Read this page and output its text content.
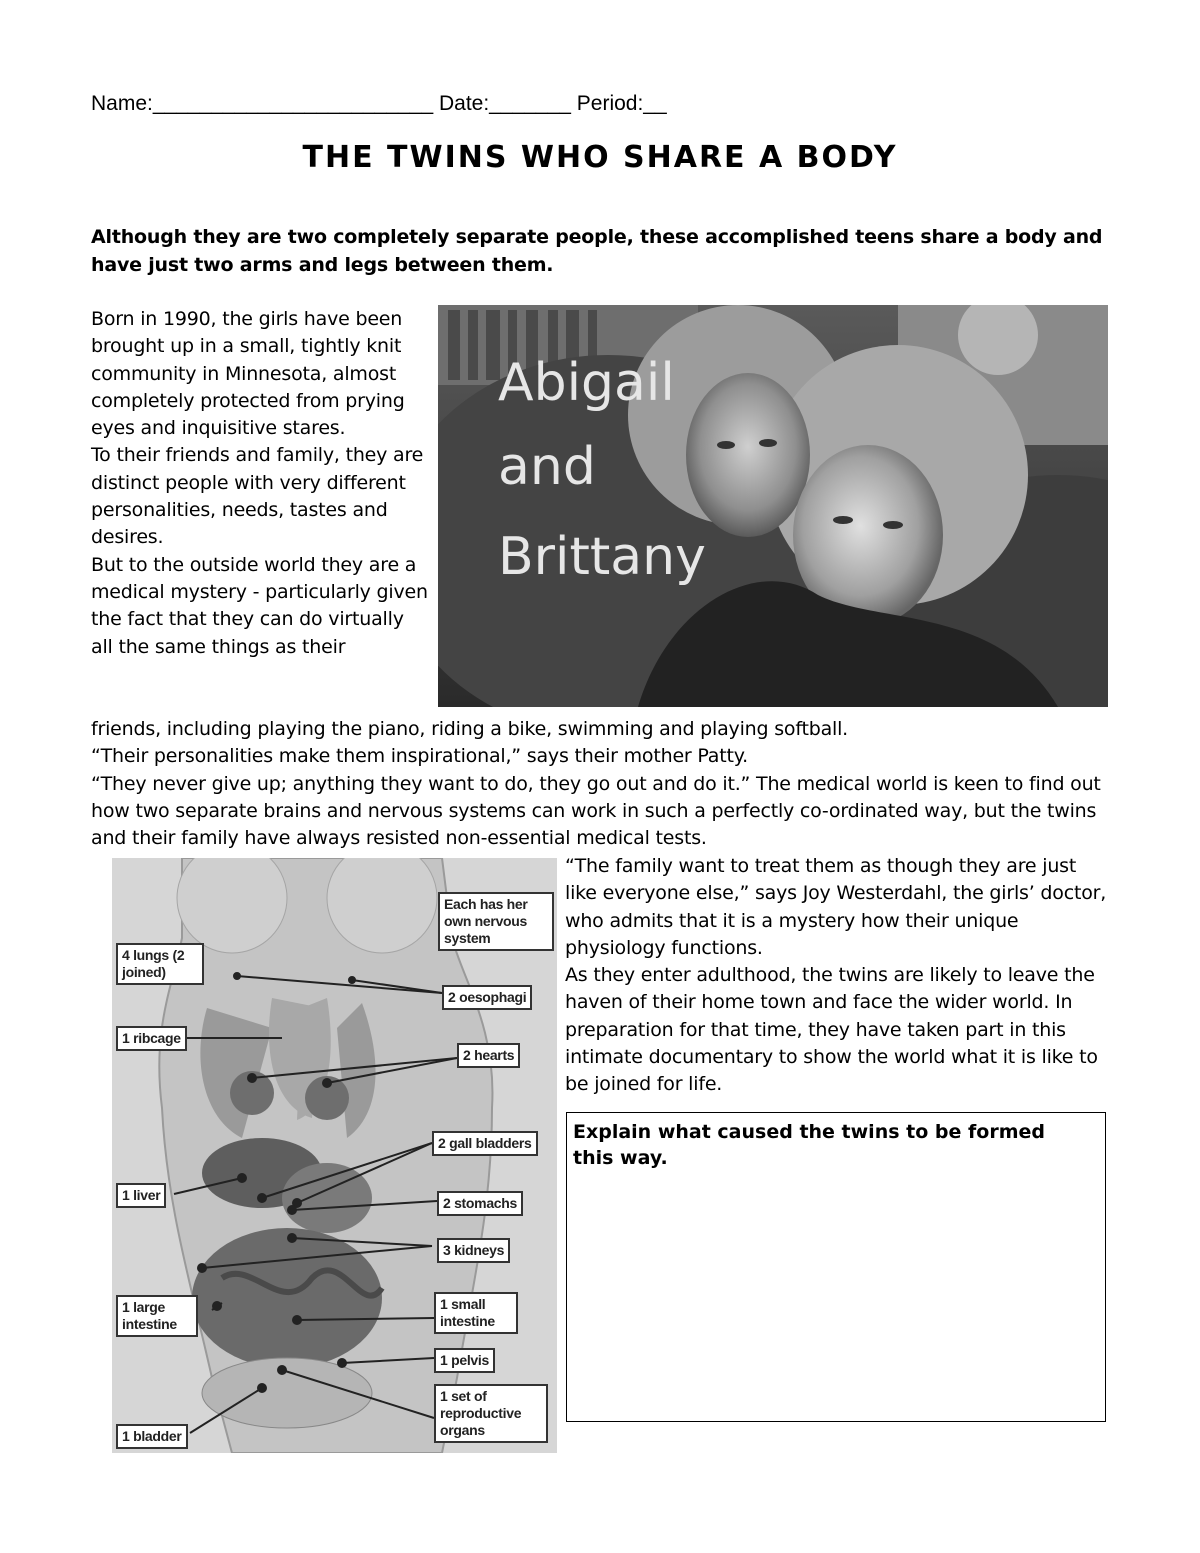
Name:________________________ Date:_______ Period:__
THE TWINS WHO SHARE A BODY
Although they are two completely separate people, these accomplished teens share a body and have just two arms and legs between them.

Born in 1990, the girls have been brought up in a small, tightly knit community in Minnesota, almost completely protected from prying eyes and inquisitive stares.

To their friends and family, they are distinct people with very different personalities, needs, tastes and desires.

But to the outside world they are a medical mystery - particularly given the fact that they can do virtually all the same things as their

Abigail
and
Brittany

friends, including playing the piano, riding a bike, swimming and playing softball.

“Their personalities make them inspirational,” says their mother Patty.

“They never give up; anything they want to do, they go out and do it.” The medical world is keen to find out how two separate brains and nervous systems can work in such a perfectly co-ordinated way, but the twins and their family have always resisted non-essential medical tests.

Each has her own nervous system
4 lungs (2 joined)
2 oesophagi
1 ribcage
2 hearts
2 gall bladders
1 liver	2 stomachs
3 kidneys
1 large intestine
1 small intestine
1 pelvis
1 set of reproductive organs
1 bladder

“The family want to treat them as though they are just like everyone else,” says Joy Westerdahl, the girls’ doctor, who admits that it is a mystery how their unique physiology functions.

As they enter adulthood, the twins are likely to leave the haven of their home town and face the wider world. In preparation for that time, they have taken part in this intimate documentary to show the world what it is like to be joined for life.

Explain what caused the twins to be formed this way.
